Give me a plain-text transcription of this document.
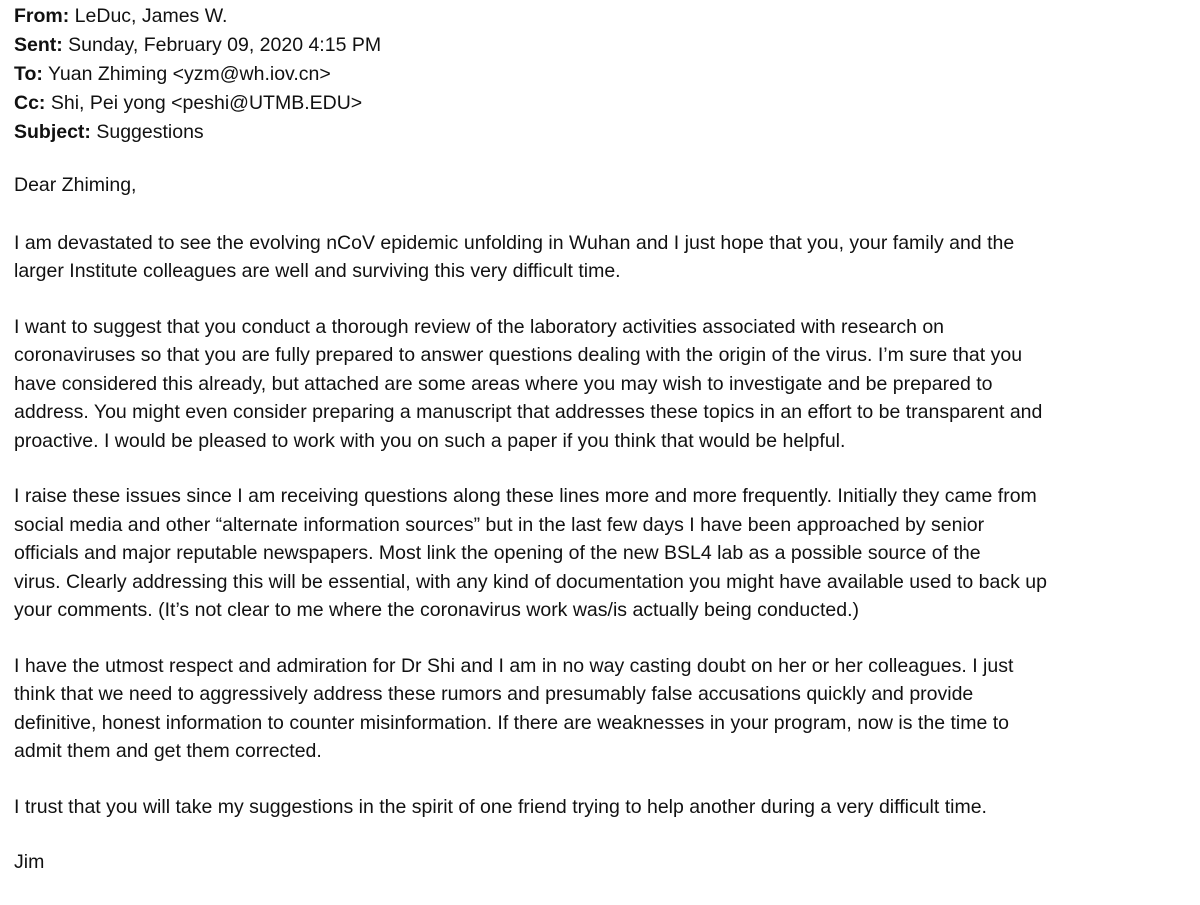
From: LeDuc, James W.
Sent: Sunday, February 09, 2020 4:15 PM
To: Yuan Zhiming <yzm@wh.iov.cn>
Cc: Shi, Pei yong <peshi@UTMB.EDU>
Subject: Suggestions
Dear Zhiming,
I am devastated to see the evolving nCoV epidemic unfolding in Wuhan and I just hope that you, your family and the
larger Institute colleagues are well and surviving this very difficult time.
I want to suggest that you conduct a thorough review of the laboratory activities associated with research on
coronaviruses so that you are fully prepared to answer questions dealing with the origin of the virus. I’m sure that you
have considered this already, but attached are some areas where you may wish to investigate and be prepared to
address. You might even consider preparing a manuscript that addresses these topics in an effort to be transparent and
proactive. I would be pleased to work with you on such a paper if you think that would be helpful.
I raise these issues since I am receiving questions along these lines more and more frequently. Initially they came from
social media and other “alternate information sources” but in the last few days I have been approached by senior
officials and major reputable newspapers. Most link the opening of the new BSL4 lab as a possible source of the
virus. Clearly addressing this will be essential, with any kind of documentation you might have available used to back up
your comments. (It’s not clear to me where the coronavirus work was/is actually being conducted.)
I have the utmost respect and admiration for Dr Shi and I am in no way casting doubt on her or her colleagues. I just
think that we need to aggressively address these rumors and presumably false accusations quickly and provide
definitive, honest information to counter misinformation. If there are weaknesses in your program, now is the time to
admit them and get them corrected.
I trust that you will take my suggestions in the spirit of one friend trying to help another during a very difficult time.
Jim
